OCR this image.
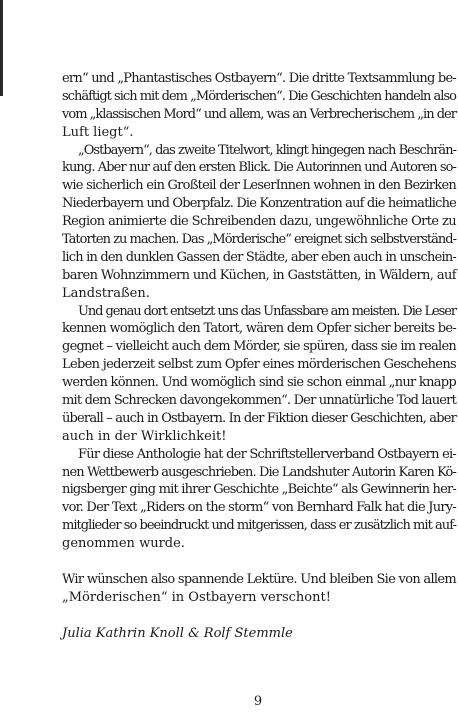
ern“ und „Phantastisches Ostbayern“. Die dritte Textsammlung be-
schäftigt sich mit dem „Mörderischen“. Die Geschichten handeln also
vom „klassischen Mord“ und allem, was an Verbrecherischem „in der
Luft liegt“.
„Ostbayern“, das zweite Titelwort, klingt hingegen nach Beschrän-
kung. Aber nur auf den ersten Blick. Die Autorinnen und Autoren so-
wie sicherlich ein Großteil der LeserInnen wohnen in den Bezirken
Niederbayern und Oberpfalz. Die Konzentration auf die heimatliche
Region animierte die Schreibenden dazu, ungewöhnliche Orte zu
Tatorten zu machen. Das „Mörderische“ ereignet sich selbstverständ-
lich in den dunklen Gassen der Städte, aber eben auch in unschein-
baren Wohnzimmern und Küchen, in Gaststätten, in Wäldern, auf
Landstraßen.
Und genau dort entsetzt uns das Unfassbare am meisten. Die Leser
kennen womöglich den Tatort, wären dem Opfer sicher bereits be-
gegnet – vielleicht auch dem Mörder, sie spüren, dass sie im realen
Leben jederzeit selbst zum Opfer eines mörderischen Geschehens
werden können. Und womöglich sind sie schon einmal „nur knapp
mit dem Schrecken davongekommen“. Der unnatürliche Tod lauert
überall – auch in Ostbayern. In der Fiktion dieser Geschichten, aber
auch in der Wirklichkeit!
Für diese Anthologie hat der Schriftstellerverband Ostbayern ei-
nen Wettbewerb ausgeschrieben. Die Landshuter Autorin Karen Kö-
nigsberger ging mit ihrer Geschichte „Beichte“ als Gewinnerin her-
vor. Der Text „Riders on the storm“ von Bernhard Falk hat die Jury-
mitglieder so beeindruckt und mitgerissen, dass er zusätzlich mit auf-
genommen wurde.
Wir wünschen also spannende Lektüre. Und bleiben Sie von allem
„Mörderischen“ in Ostbayern verschont!
Julia Kathrin Knoll & Rolf Stemmle
9
